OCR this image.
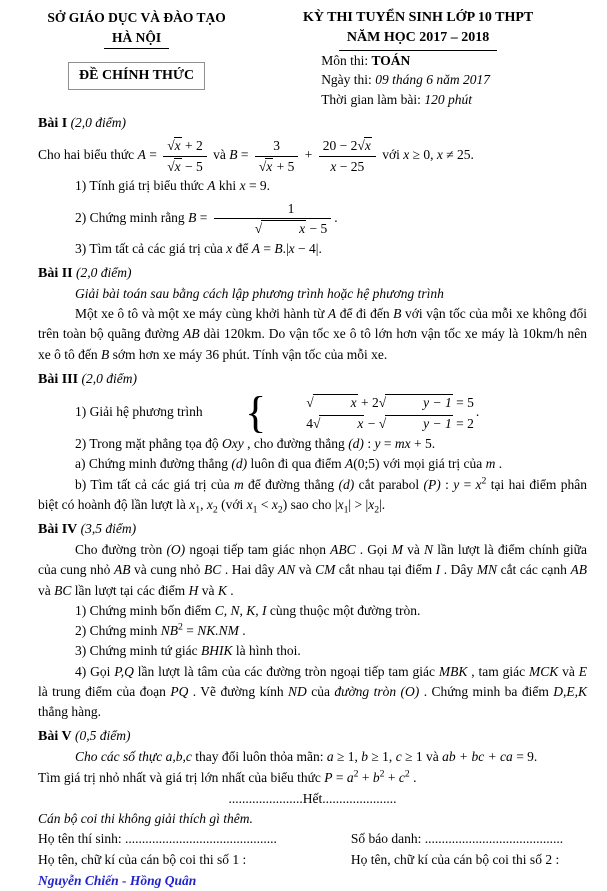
SỞ GIÁO DỤC VÀ ĐÀO TẠO
HÀ NỘI
ĐỀ CHÍNH THỨC
KỲ THI TUYỂN SINH LỚP 10 THPT
NĂM HỌC 2017 – 2018
Môn thi: TOÁN
Ngày thi: 09 tháng 6 năm 2017
Thời gian làm bài: 120 phút
Bài I (2,0 điểm)
Cho hai biểu thức $A = \frac{√x + 2}{√x - 5}$ và $B = \frac{3}{√x + 5} + \frac{20 - 2√x}{x - 25}$ với x ≥ 0, x ≠ 25.
1) Tính giá trị biểu thức A khi x = 9.
2) Chứng minh rằng B = 1
√	x − 5 .
3) Tìm tất cả các giá trị của x để A = B.|x − 4|.
Bài II (2,0 điểm)
Giải bài toán sau bằng cách lập phương trình hoặc hệ phương trình
Một xe ô tô và một xe máy cùng khởi hành từ A để đi đến B với vận tốc của mỗi xe không đổi trên toàn bộ quãng đường AB dài 120km. Do vận tốc xe ô tô lớn hơn vận tốc xe máy là 10km/h nên xe ô tô đến B sớm hơn xe máy 36 phút. Tính vận tốc của mỗi xe.
Bài III (2,0 điểm)
1) Giải hệ phương trình {	√	x + 2√	y − 1 = 5
4√	x − √	y − 1 = 2
.
2) Trong mặt phẳng tọa độ Oxy , cho đường thẳng (d) : y = mx + 5.
a) Chứng minh đường thẳng (d) luôn đi qua điểm A(0;5) với mọi giá trị của m .
b) Tìm tất cả các giá trị của m để đường thẳng (d) cắt parabol (P) : $y = x^2$ tại hai điểm phân biệt có hoành độ lần lượt là $x_1$, $x_2$ (với $x_1 < x_2$) sao cho $|x_1| > |x_2|$.
Bài IV (3,5 điểm)
Cho đường tròn (O) ngoại tiếp tam giác nhọn ABC . Gọi M và N lần lượt là điểm chính giữa của cung nhỏ AB và cung nhỏ BC . Hai dây AN và CM cắt nhau tại điểm I . Dây MN cắt các cạnh AB và BC lần lượt tại các điểm H và K .
1) Chứng minh bốn điểm C, N, K, I cùng thuộc một đường tròn.
2) Chứng minh $NB^2 = NK.NM$ .
3) Chứng minh tứ giác BHIK là hình thoi.
4) Gọi P,Q lần lượt là tâm của các đường tròn ngoại tiếp tam giác MBK , tam giác MCK và E là trung điểm của đoạn PQ . Vẽ đường kính ND của đường tròn (O) . Chứng minh ba điểm D,E,K thẳng hàng.
Bài V (0,5 điểm)
Cho các số thực a,b,c thay đổi luôn thỏa mãn: a ≥ 1, b ≥ 1, c ≥ 1 và ab + bc + ca = 9.
Tìm giá trị nhỏ nhất và giá trị lớn nhất của biểu thức $P = a^2 + b^2 + c^2$ .
......................Hết......................
Cán bộ coi thi không giải thích gì thêm.
Họ tên thí sinh: .............................................	Số báo danh: .........................................
Họ tên, chữ kí của cán bộ coi thi số 1 :	Họ tên, chữ kí của cán bộ coi thi số 2 :
Nguyễn Chiến - Hồng Quân
